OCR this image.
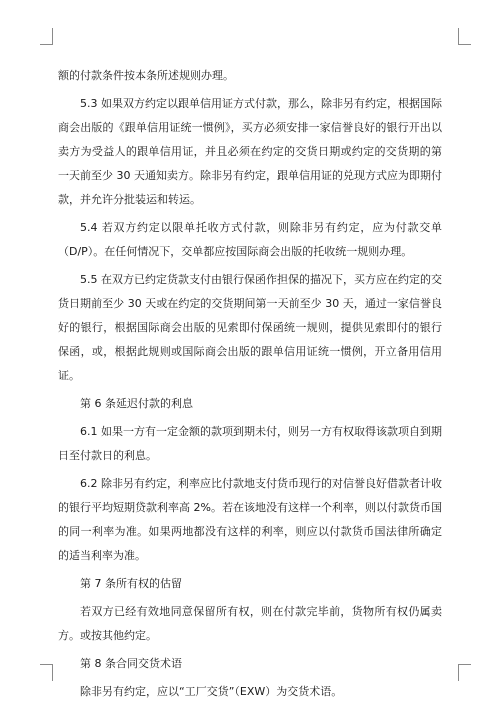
额的付款条件按本条所述规则办理。

5.3 如果双方约定以跟单信用证方式付款，那么，除非另有约定，根据国际商会出版的《跟单信用证统一惯例》，买方必须安排一家信誉良好的银行开出以卖方为受益人的跟单信用证，并且必须在约定的交货日期或约定的交货期的第一天前至少 30 天通知卖方。除非另有约定，跟单信用证的兑现方式应为即期付款，并允许分批装运和转运。

5.4 若双方约定以限单托收方式付款，则除非另有约定，应为付款交单（D/P）。在任何情况下，交单都应按国际商会出版的托收统一规则办理。

5.5 在双方已约定货款支付由银行保函作担保的描况下，买方应在约定的交货日期前至少 30 天或在约定的交货期间第一天前至少 30 天，通过一家信誉良好的银行，根据国际商会出版的见索即付保函统一规则，提供见索即付的银行保函，或，根据此规则或国际商会出版的跟单信用证统一惯例，开立备用信用证。

第 6 条延迟付款的利息

6.1 如果一方有一定金额的款项到期未付，则另一方有权取得该款项自到期日至付款日的利息。

6.2 除非另有约定，利率应比付款地支付货币现行的对信誉良好借款者计收的银行平均短期贷款利率高 2%。若在该地没有这样一个利率，则以付款货币国的同一利率为准。如果两地都没有这样的利率，则应以付款货币国法律所确定的适当利率为准。

第 7 条所有权的估留

若双方已经有效地同意保留所有权，则在付款完毕前，货物所有权仍属卖方。或按其他约定。

第 8 条合同交货术语

除非另有约定，应以“工厂交货”（EXW）为交货术语。
